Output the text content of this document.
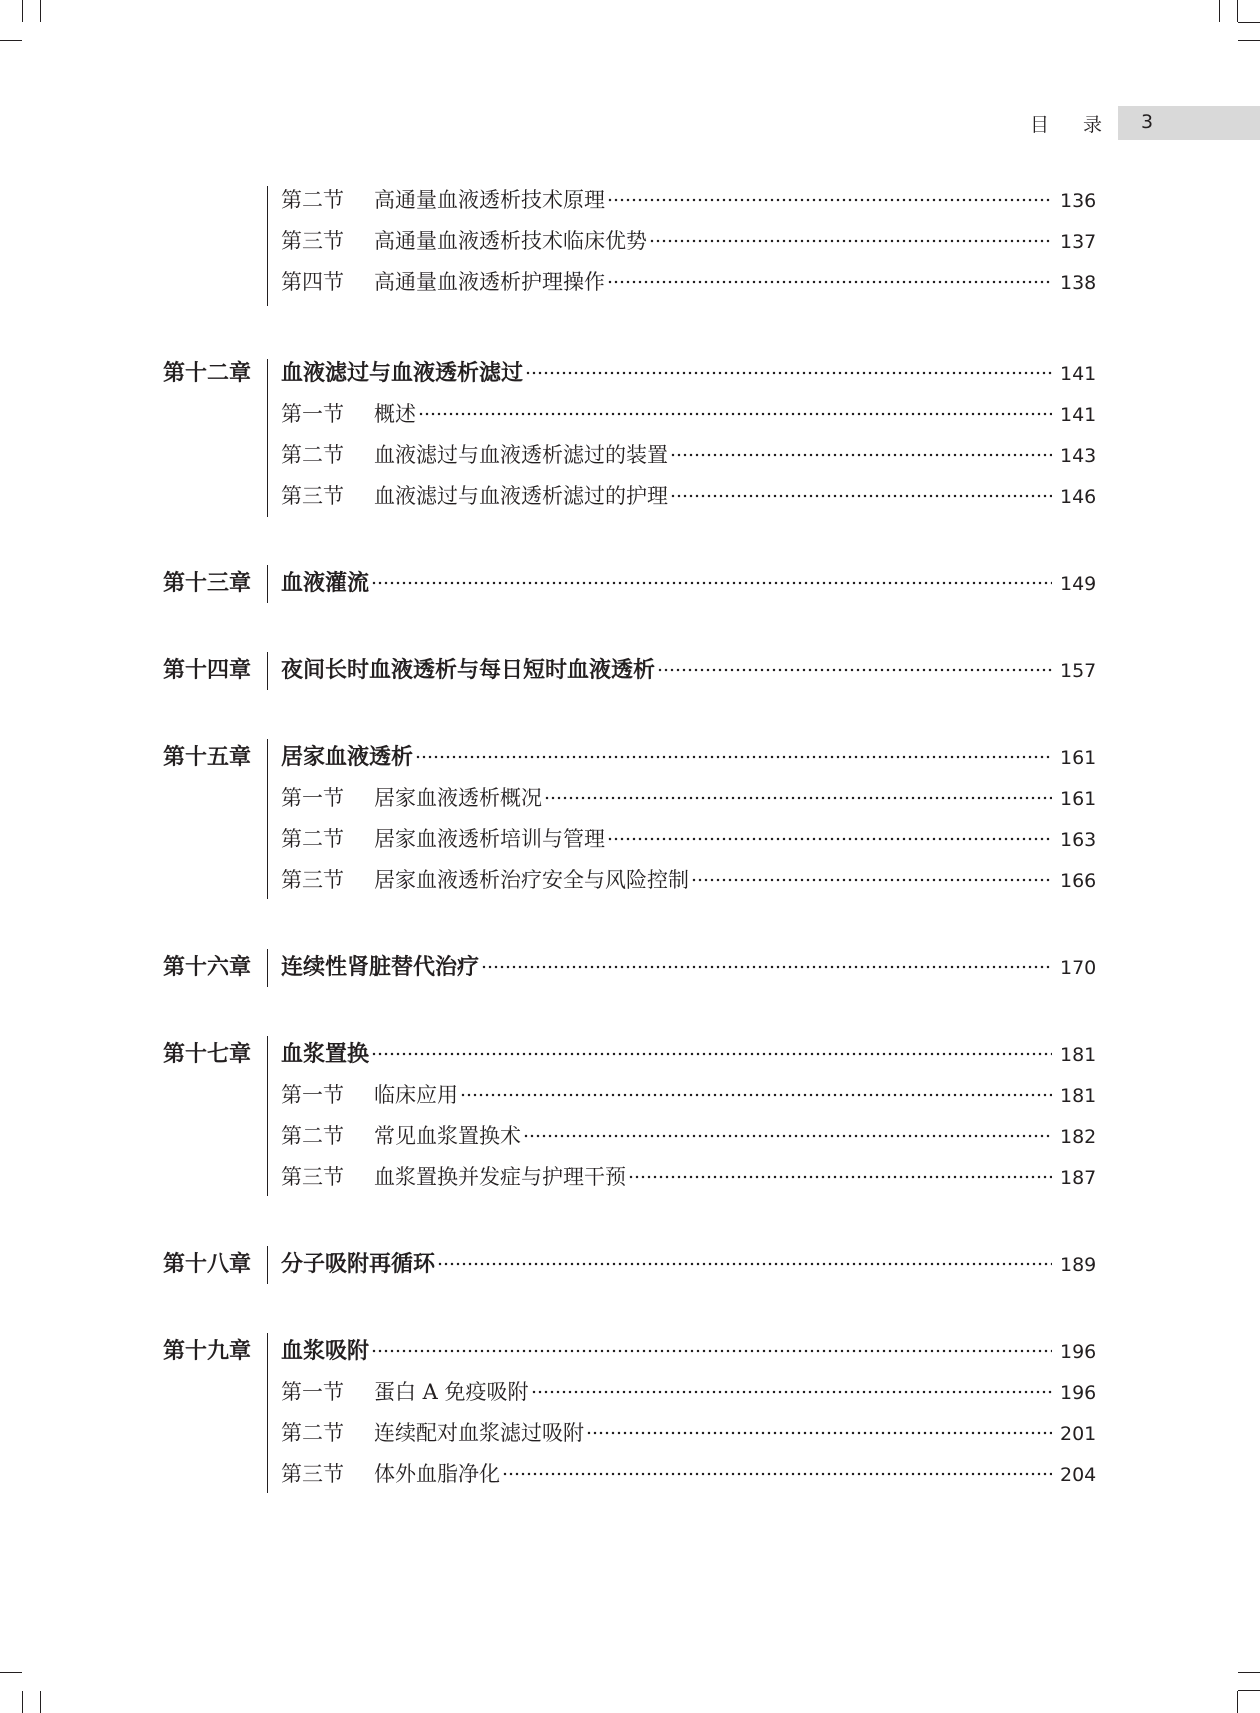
目 录 3
第二节	高通量血液透析技术原理	136
第三节	高通量血液透析技术临床优势	137
第四节	高通量血液透析护理操作	138
第十二章	血液滤过与血液透析滤过	141
第一节	概述	141
第二节	血液滤过与血液透析滤过的装置	143
第三节	血液滤过与血液透析滤过的护理	146
第十三章	血液灌流	149
第十四章	夜间长时血液透析与每日短时血液透析	157
第十五章	居家血液透析	161
第一节	居家血液透析概况	161
第二节	居家血液透析培训与管理	163
第三节	居家血液透析治疗安全与风险控制	166
第十六章	连续性肾脏替代治疗	170
第十七章	血浆置换	181
第一节	临床应用	181
第二节	常见血浆置换术	182
第三节	血浆置换并发症与护理干预	187
第十八章	分子吸附再循环	189
第十九章	血浆吸附	196
第一节	蛋白 A 免疫吸附	196
第二节	连续配对血浆滤过吸附	201
第三节	体外血脂净化	204
